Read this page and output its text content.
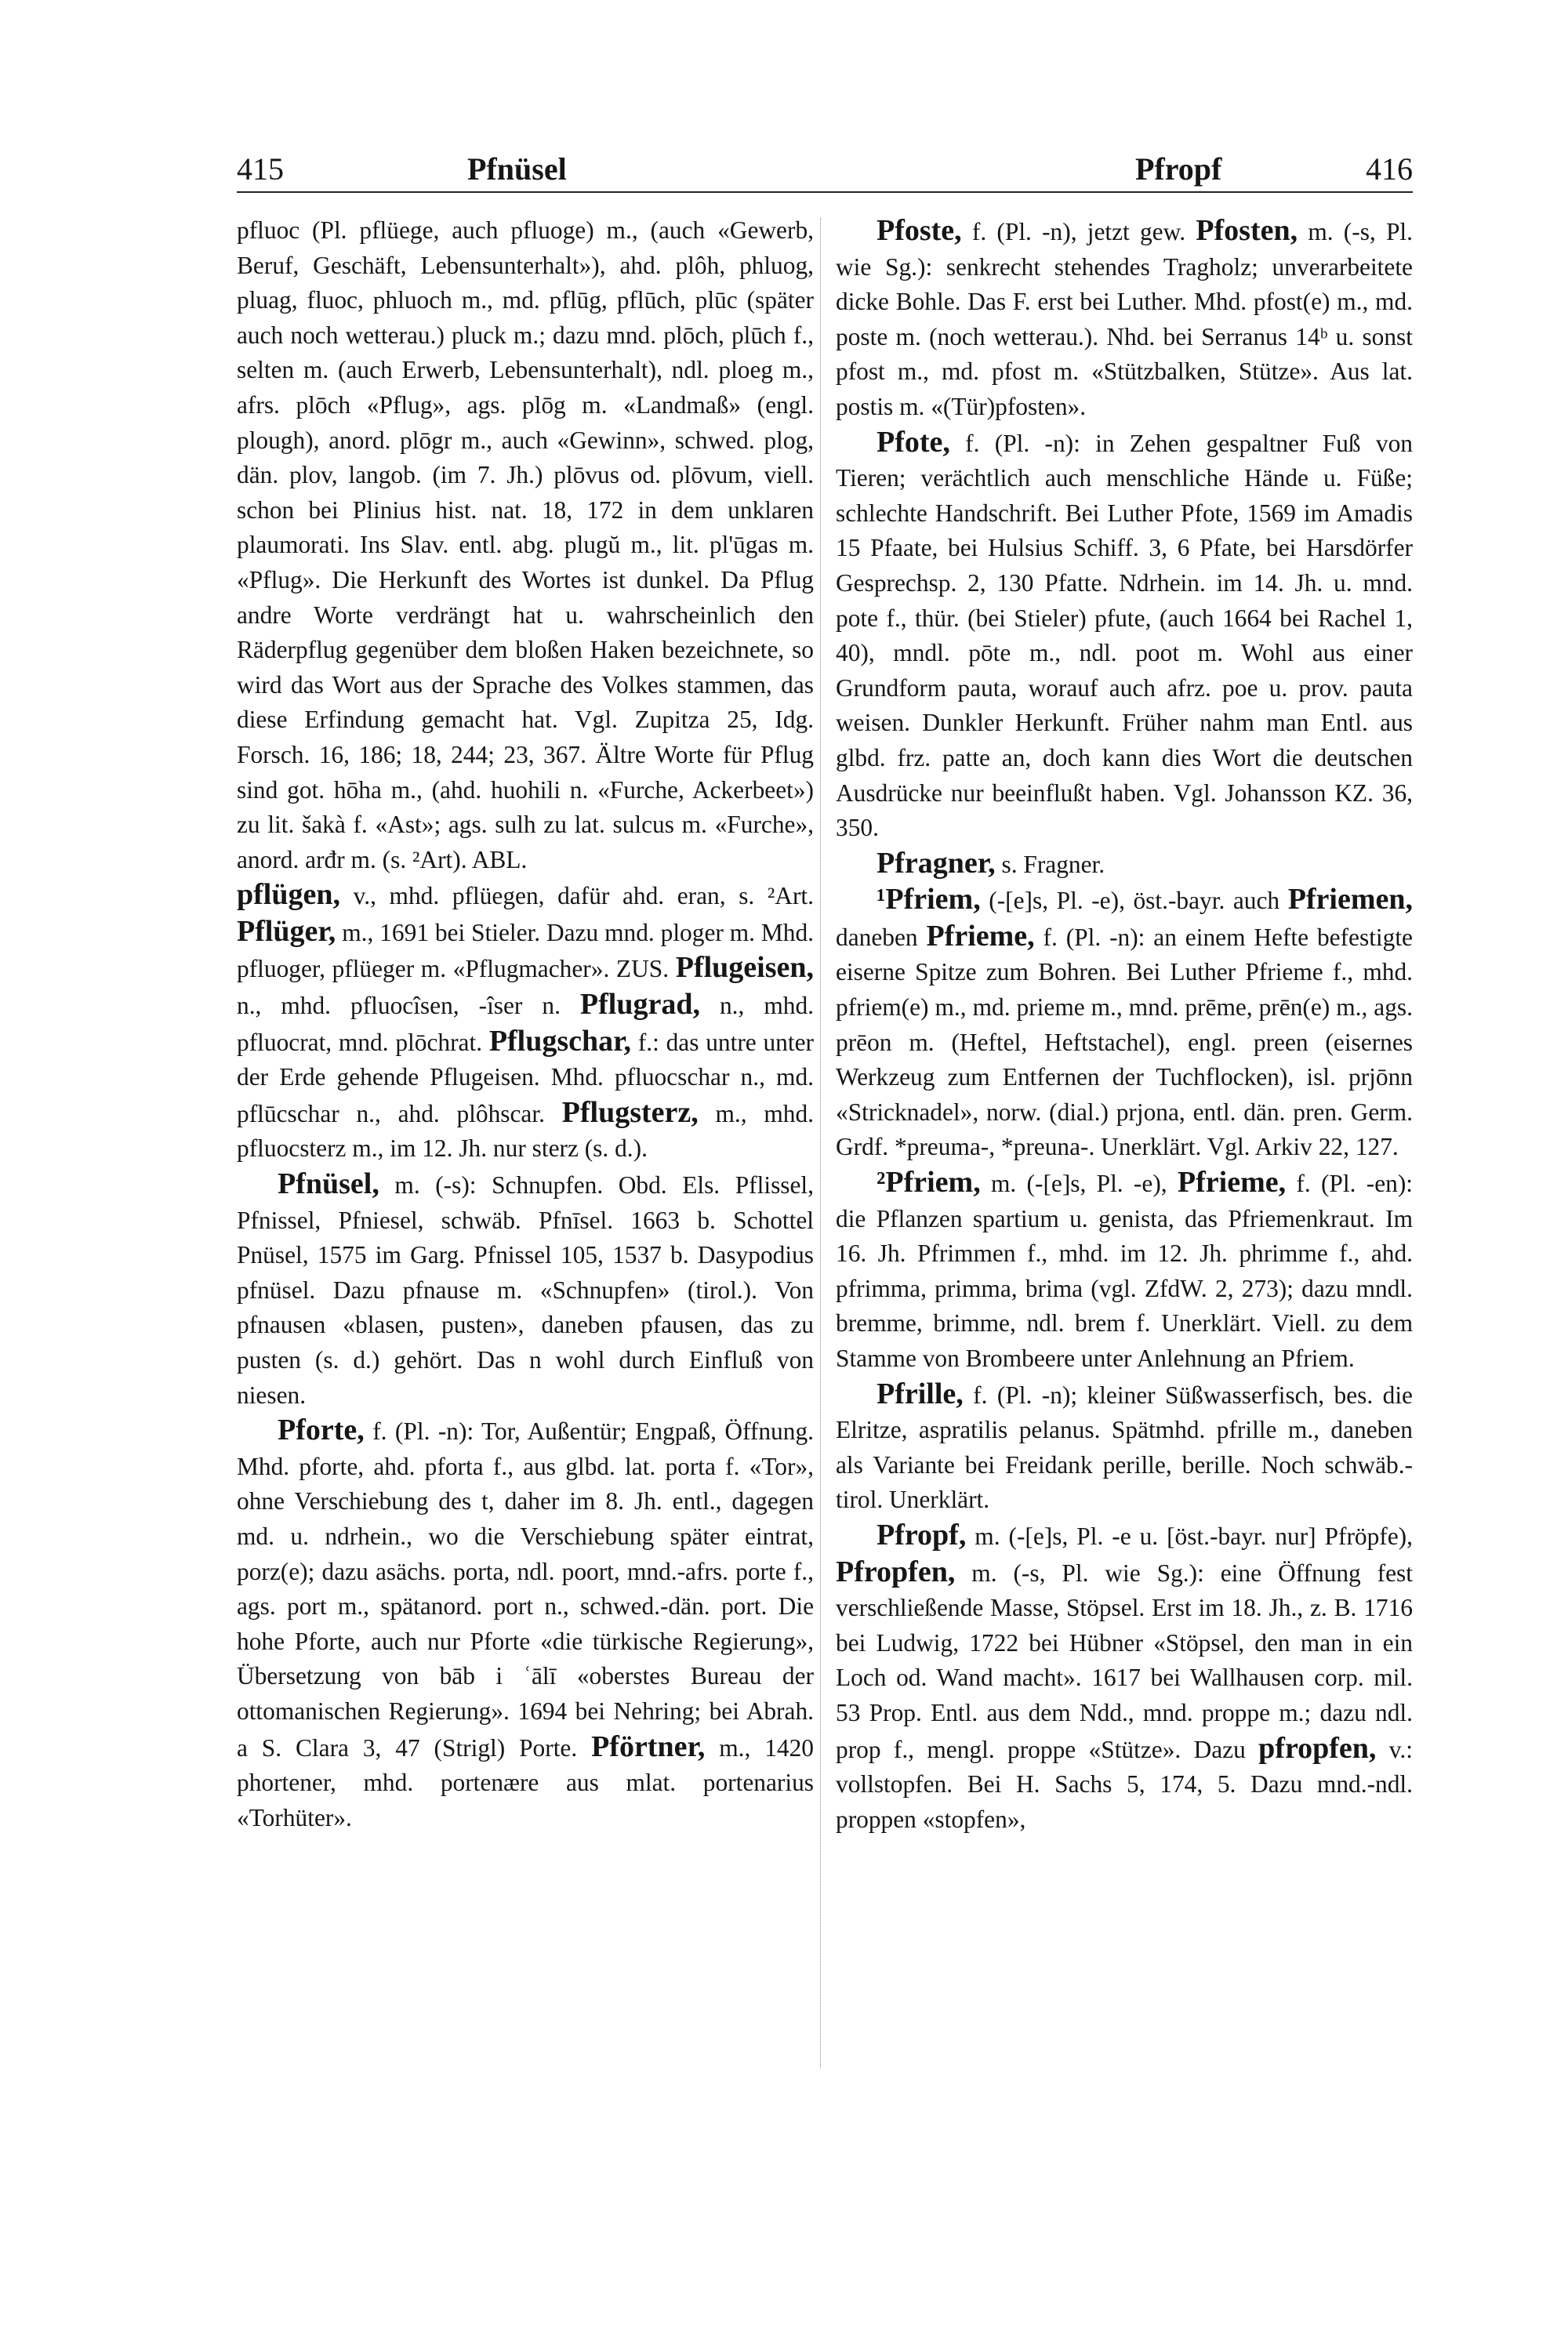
415	Pfnüsel	Pfropf	416

pfluoc (Pl. pflüege, auch pfluoge) m., (auch «Gewerb, Beruf, Geschäft, Lebensunterhalt»), ahd. plôh, phluog, pluag, fluoc, phluoch m., md. pflūg, pflūch, plūc (später auch noch wetterau.) pluck m.; dazu mnd. plōch, plūch f., selten m. (auch Erwerb, Lebensunterhalt), ndl. ploeg m., afrs. plōch «Pflug», ags. plōg m. «Landmaß» (engl. plough), anord. plōgr m., auch «Gewinn», schwed. plog, dän. plov, langob. (im 7. Jh.) plōvus od. plōvum, viell. schon bei Plinius hist. nat. 18, 172 in dem unklaren plaumorati. Ins Slav. entl. abg. plugŭ m., lit. pl'ūgas m. «Pflug». Die Herkunft des Wortes ist dunkel. Da Pflug andre Worte verdrängt hat u. wahrscheinlich den Räderpflug gegenüber dem bloßen Haken bezeichnete, so wird das Wort aus der Sprache des Volkes stammen, das diese Erfindung gemacht hat. Vgl. Zupitza 25, Idg. Forsch. 16, 186; 18, 244; 23, 367. Ältre Worte für Pflug sind got. hōha m., (ahd. huohili n. «Furche, Ackerbeet») zu lit. šakà f. «Ast»; ags. sulh zu lat. sulcus m. «Furche», anord. arđr m. (s. ²Art). ABL.

pflügen, v., mhd. pflüegen, dafür ahd. eran, s. ²Art. Pflüger, m., 1691 bei Stieler. Dazu mnd. ploger m. Mhd. pfluoger, pflüeger m. «Pflugmacher». ZUS. Pflugeisen, n., mhd. pfluocîsen, -îser n. Pflugrad, n., mhd. pfluocrat, mnd. plōchrat. Pflugschar, f.: das untre unter der Erde gehende Pflugeisen. Mhd. pfluocschar n., md. pflūcschar n., ahd. plôhscar. Pflugsterz, m., mhd. pfluocsterz m., im 12. Jh. nur sterz (s. d.).

Pfnüsel, m. (-s): Schnupfen. Obd. Els. Pflissel, Pfnissel, Pfniesel, schwäb. Pfnīsel. 1663 b. Schottel Pnüsel, 1575 im Garg. Pfnissel 105, 1537 b. Dasypodius pfnüsel. Dazu pfnause m. «Schnupfen» (tirol.). Von pfnausen «blasen, pusten», daneben pfausen, das zu pusten (s. d.) gehört. Das n wohl durch Einfluß von niesen.

Pforte, f. (Pl. -n): Tor, Außentür; Engpaß, Öffnung. Mhd. pforte, ahd. pforta f., aus glbd. lat. porta f. «Tor», ohne Verschiebung des t, daher im 8. Jh. entl., dagegen md. u. ndrhein., wo die Verschiebung später eintrat, porz(e); dazu asächs. porta, ndl. poort, mnd.-afrs. porte f., ags. port m., spätanord. port n., schwed.-dän. port. Die hohe Pforte, auch nur Pforte «die türkische Regierung», Übersetzung von bāb i ʿālī «oberstes Bureau der ottomanischen Regierung». 1694 bei Nehring; bei Abrah. a S. Clara 3, 47 (Strigl) Porte. Pförtner, m., 1420 phortener, mhd. portenære aus mlat. portenarius «Torhüter».

Pfoste, f. (Pl. -n), jetzt gew. Pfosten, m. (-s, Pl. wie Sg.): senkrecht stehendes Tragholz; unverarbeitete dicke Bohle. Das F. erst bei Luther. Mhd. pfost(e) m., md. poste m. (noch wetterau.). Nhd. bei Serranus 14ᵇ u. sonst pfost m., md. pfost m. «Stützbalken, Stütze». Aus lat. postis m. «(Tür)pfosten».

Pfote, f. (Pl. -n): in Zehen gespaltner Fuß von Tieren; verächtlich auch menschliche Hände u. Füße; schlechte Handschrift. Bei Luther Pfote, 1569 im Amadis 15 Pfaate, bei Hulsius Schiff. 3, 6 Pfate, bei Harsdörfer Gesprechsp. 2, 130 Pfatte. Ndrhein. im 14. Jh. u. mnd. pote f., thür. (bei Stieler) pfute, (auch 1664 bei Rachel 1, 40), mndl. pōte m., ndl. poot m. Wohl aus einer Grundform pauta, worauf auch afrz. poe u. prov. pauta weisen. Dunkler Herkunft. Früher nahm man Entl. aus glbd. frz. patte an, doch kann dies Wort die deutschen Ausdrücke nur beeinflußt haben. Vgl. Johansson KZ. 36, 350.

Pfragner, s. Fragner.

¹Pfriem, (-[e]s, Pl. -e), öst.-bayr. auch Pfriemen, daneben Pfrieme, f. (Pl. -n): an einem Hefte befestigte eiserne Spitze zum Bohren. Bei Luther Pfrieme f., mhd. pfriem(e) m., md. prieme m., mnd. prēme, prēn(e) m., ags. prēon m. (Heftel, Heftstachel), engl. preen (eisernes Werkzeug zum Entfernen der Tuchflocken), isl. prjōnn «Stricknadel», norw. (dial.) prjona, entl. dän. pren. Germ. Grdf. *preuma-, *preuna-. Unerklärt. Vgl. Arkiv 22, 127.

²Pfriem, m. (-[e]s, Pl. -e), Pfrieme, f. (Pl. -en): die Pflanzen spartium u. genista, das Pfriemenkraut. Im 16. Jh. Pfrimmen f., mhd. im 12. Jh. phrimme f., ahd. pfrimma, primma, brima (vgl. ZfdW. 2, 273); dazu mndl. bremme, brimme, ndl. brem f. Unerklärt. Viell. zu dem Stamme von Brombeere unter Anlehnung an Pfriem.

Pfrille, f. (Pl. -n); kleiner Süßwasserfisch, bes. die Elritze, aspratilis pelanus. Spätmhd. pfrille m., daneben als Variante bei Freidank perille, berille. Noch schwäb.-tirol. Unerklärt.

Pfropf, m. (-[e]s, Pl. -e u. [öst.-bayr. nur] Pfröpfe), Pfropfen, m. (-s, Pl. wie Sg.): eine Öffnung fest verschließende Masse, Stöpsel. Erst im 18. Jh., z. B. 1716 bei Ludwig, 1722 bei Hübner «Stöpsel, den man in ein Loch od. Wand macht». 1617 bei Wallhausen corp. mil. 53 Prop. Entl. aus dem Ndd., mnd. proppe m.; dazu ndl. prop f., mengl. proppe «Stütze». Dazu pfropfen, v.: vollstopfen. Bei H. Sachs 5, 174, 5. Dazu mnd.-ndl. proppen «stopfen»,
